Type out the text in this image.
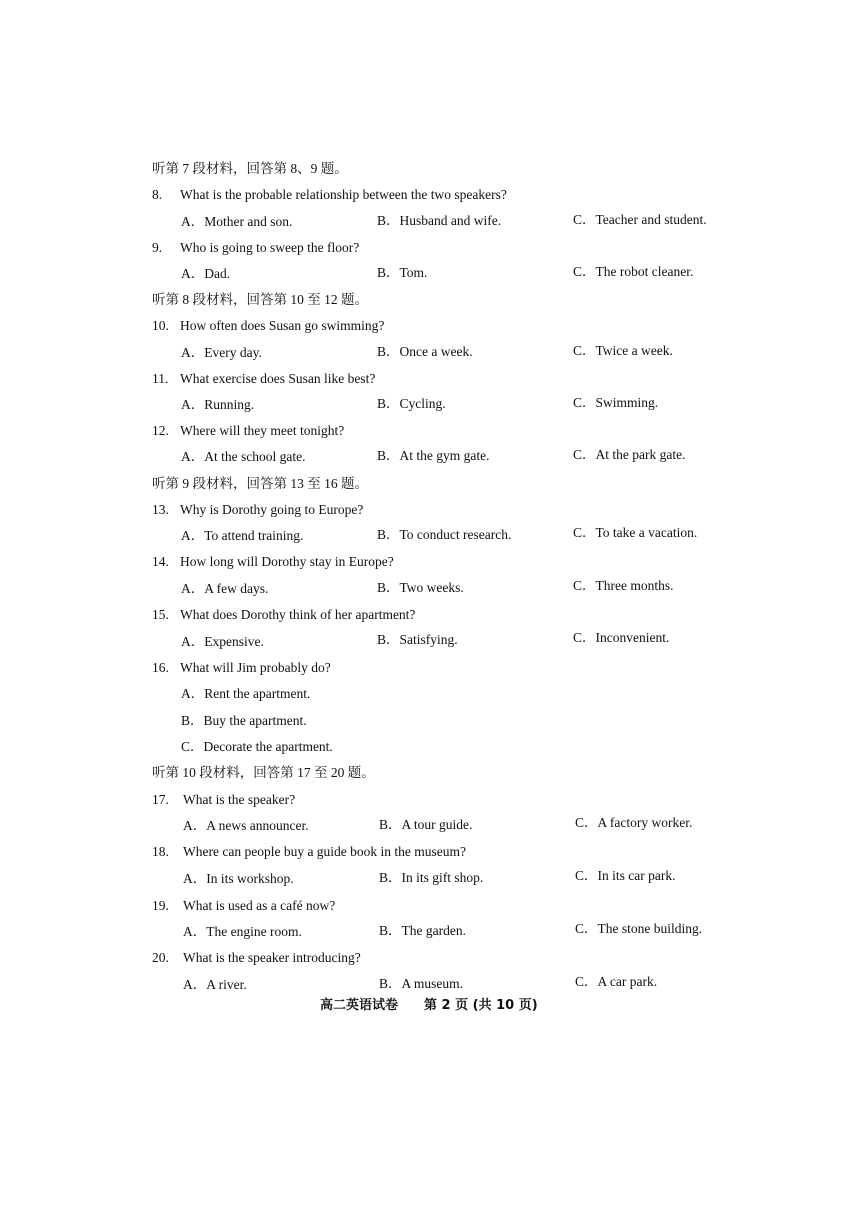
听第 7 段材料，回答第 8、9 题。
8. What is the probable relationship between the two speakers?
A．Mother and son.	B．Husband and wife.	C．Teacher and student.
9. Who is going to sweep the floor?
A．Dad.	B．Tom.	C．The robot cleaner.
听第 8 段材料，回答第 10 至 12 题。
10. How often does Susan go swimming?
A．Every day.	B．Once a week.	C．Twice a week.
11. What exercise does Susan like best?
A．Running.	B．Cycling.	C．Swimming.
12. Where will they meet tonight?
A．At the school gate.	B．At the gym gate.	C．At the park gate.
听第 9 段材料，回答第 13 至 16 题。
13. Why is Dorothy going to Europe?
A．To attend training.	B．To conduct research.	C．To take a vacation.
14. How long will Dorothy stay in Europe?
A．A few days.	B．Two weeks.	C．Three months.
15. What does Dorothy think of her apartment?
A．Expensive.	B．Satisfying.	C．Inconvenient.
16. What will Jim probably do?
A．Rent the apartment.
B．Buy the apartment.
C．Decorate the apartment.
听第 10 段材料，回答第 17 至 20 题。
17. What is the speaker?
A．A news announcer.	B．A tour guide.	C．A factory worker.
18. Where can people buy a guide book in the museum?
A．In its workshop.	B．In its gift shop.	C．In its car park.
19. What is used as a café now?
A．The engine room.	B．The garden.	C．The stone building.
20. What is the speaker introducing?
A．A river.	B．A museum.	C．A car park.
高二英语试卷 第 2 页 (共 10 页)
